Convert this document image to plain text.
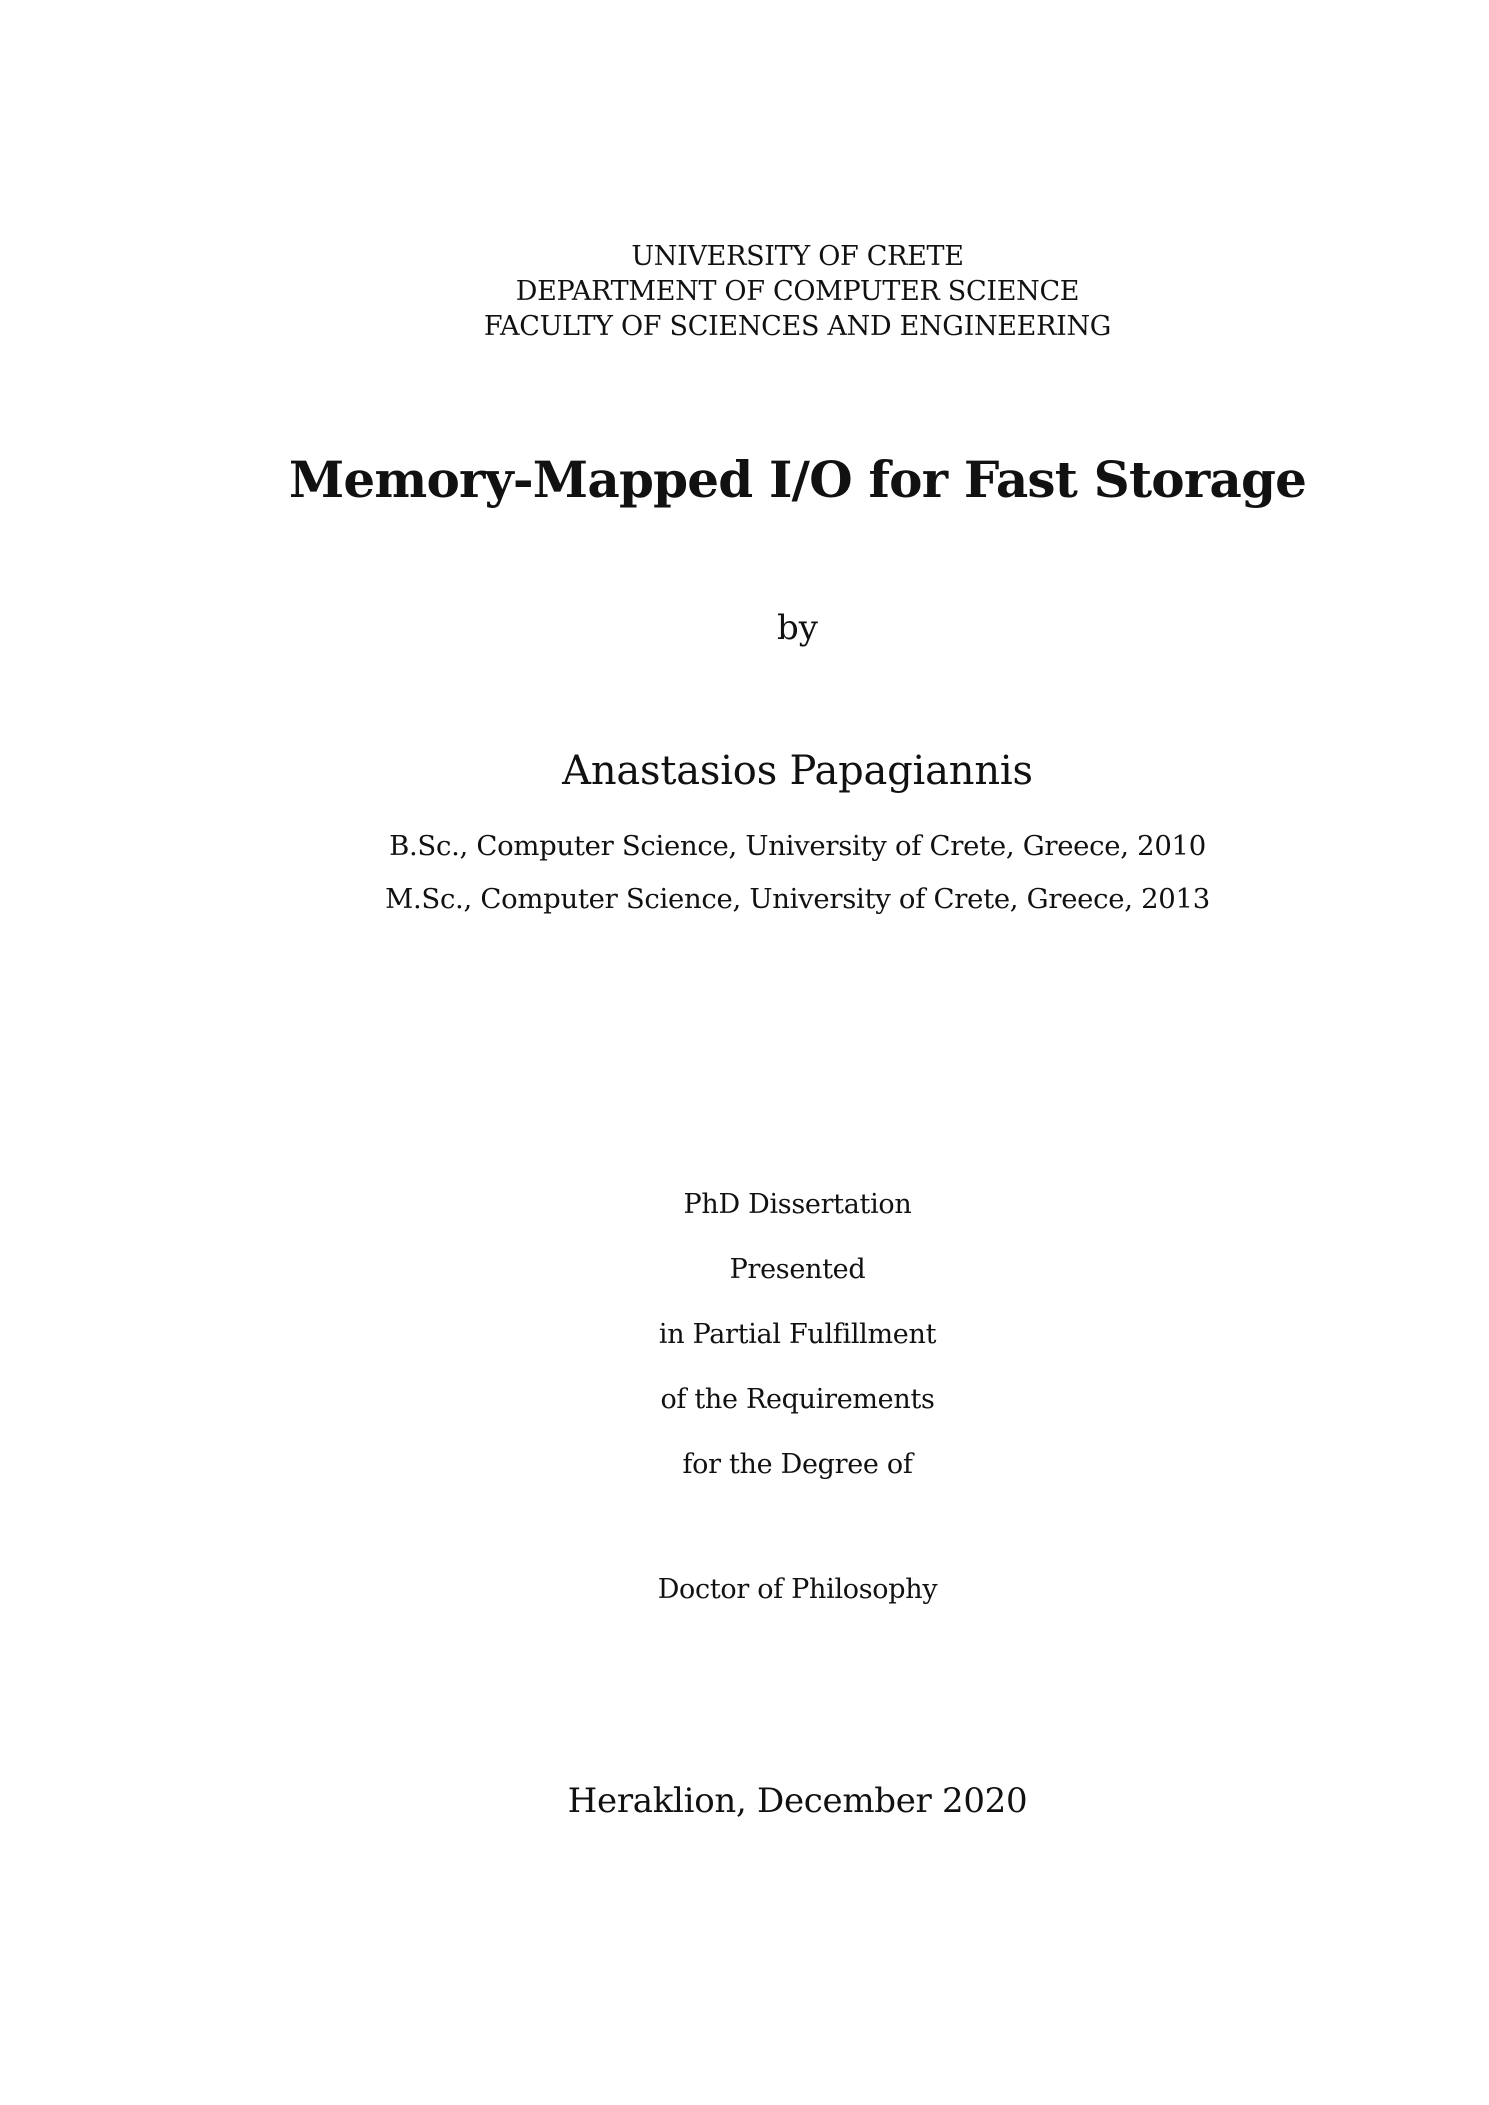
UNIVERSITY OF CRETE
DEPARTMENT OF COMPUTER SCIENCE
FACULTY OF SCIENCES AND ENGINEERING
Memory-Mapped I/O for Fast Storage
by
Anastasios Papagiannis
B.Sc., Computer Science, University of Crete, Greece, 2010
M.Sc., Computer Science, University of Crete, Greece, 2013
PhD Dissertation
Presented
in Partial Fulfillment
of the Requirements
for the Degree of
Doctor of Philosophy
Heraklion, December 2020
